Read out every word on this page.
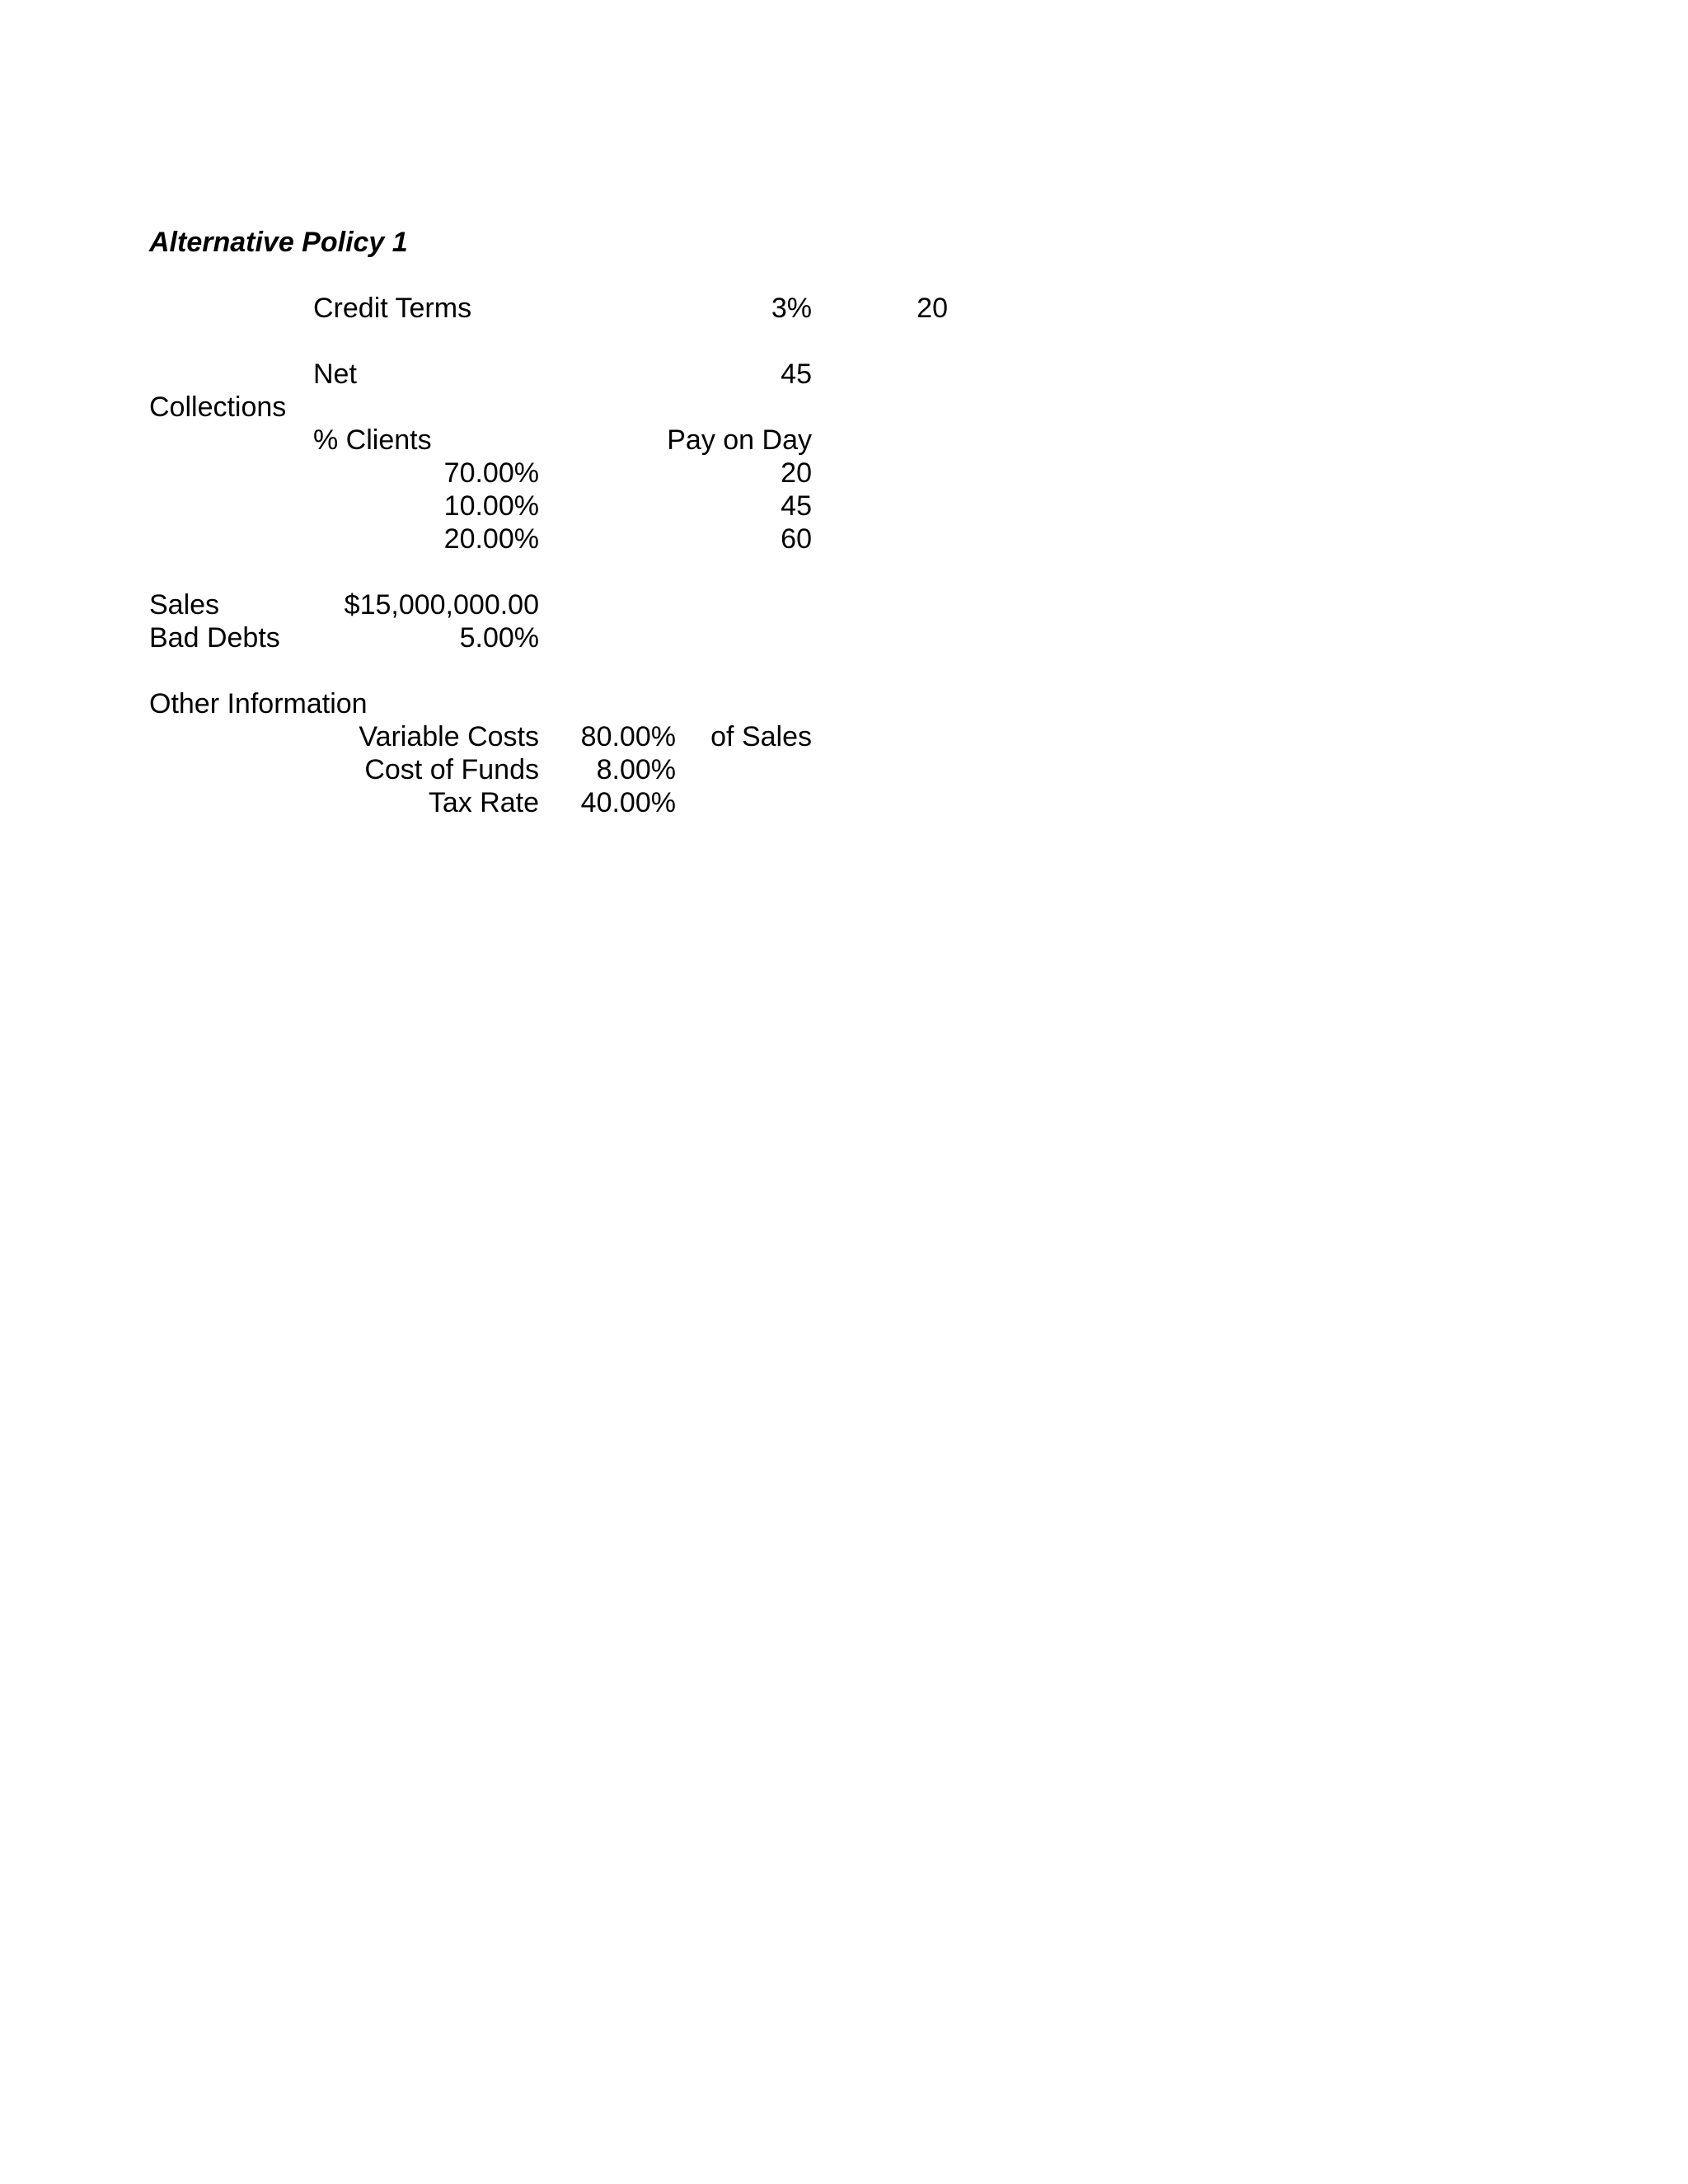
Alternative Policy 1
Credit Terms	3%	20
Net	45
Collections
% Clients	Pay on Day
70.00%	20
10.00%	45
20.00%	60
Sales	$15,000,000.00
Bad Debts	5.00%
Other Information
Variable Costs	80.00%	of Sales
Cost of Funds	8.00%
Tax Rate	40.00%
